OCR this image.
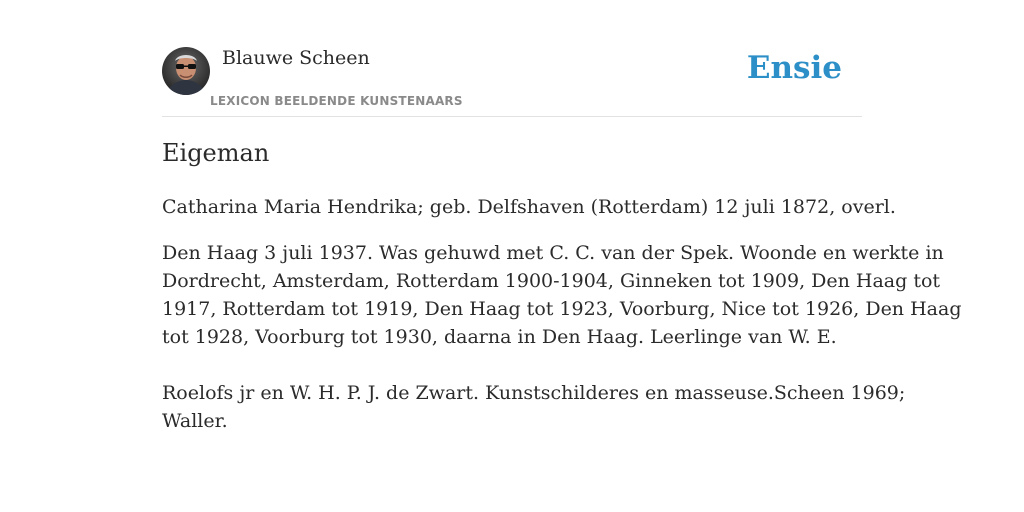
Blauwe Scheen
LEXICON BEELDENDE KUNSTENAARS
Ensie
Eigeman

Catharina Maria Hendrika; geb. Delfshaven (Rotterdam) 12 juli 1872, overl.

Den Haag 3 juli 1937. Was gehuwd met C. C. van der Spek. Woonde en werkte in
Dordrecht, Amsterdam, Rotterdam 1900-1904, Ginneken tot 1909, Den Haag tot
1917, Rotterdam tot 1919, Den Haag tot 1923, Voorburg, Nice tot 1926, Den Haag
tot 1928, Voorburg tot 1930, daarna in Den Haag. Leerlinge van W. E.
Roelofs jr en W. H. P. J. de Zwart. Kunstschilderes en masseuse.Scheen 1969;
Waller.
